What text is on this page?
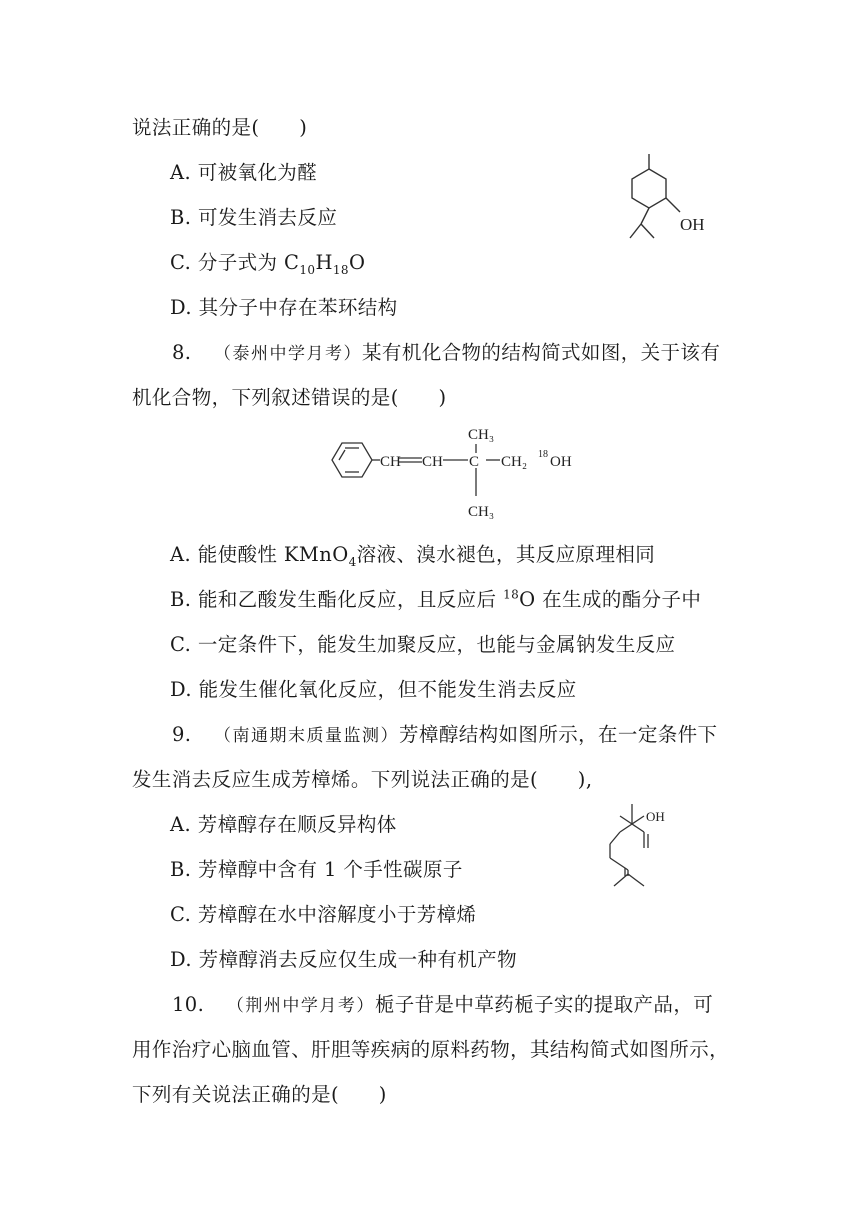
说法正确的是(　　)
A. 可被氧化为醛
B. 可发生消去反应
C. 分子式为 $C_{10}H_{18}O$
D. 其分子中存在苯环结构
OH
8. （泰州中学月考）某有机化合物的结构简式如图，关于该有
机化合物，下列叙述错误的是(　　)
CH CH C
CH₃
CH₃
CH₂ 18 OH
A. 能使酸性 KMnO$_4$溶液、溴水褪色，其反应原理相同
B. 能和乙酸发生酯化反应，且反应后 $^{18}$O 在生成的酯分子中
C. 一定条件下，能发生加聚反应，也能与金属钠发生反应
D. 能发生催化氧化反应，但不能发生消去反应
9. （南通期末质量监测）芳樟醇结构如图所示，在一定条件下
发生消去反应生成芳樟烯。下列说法正确的是(　　),
A. 芳樟醇存在顺反异构体
B. 芳樟醇中含有 1 个手性碳原子
C. 芳樟醇在水中溶解度小于芳樟烯
D. 芳樟醇消去反应仅生成一种有机产物
OH
10. （荆州中学月考）栀子苷是中草药栀子实的提取产品，可
用作治疗心脑血管、肝胆等疾病的原料药物，其结构简式如图所示，
下列有关说法正确的是(　　)
